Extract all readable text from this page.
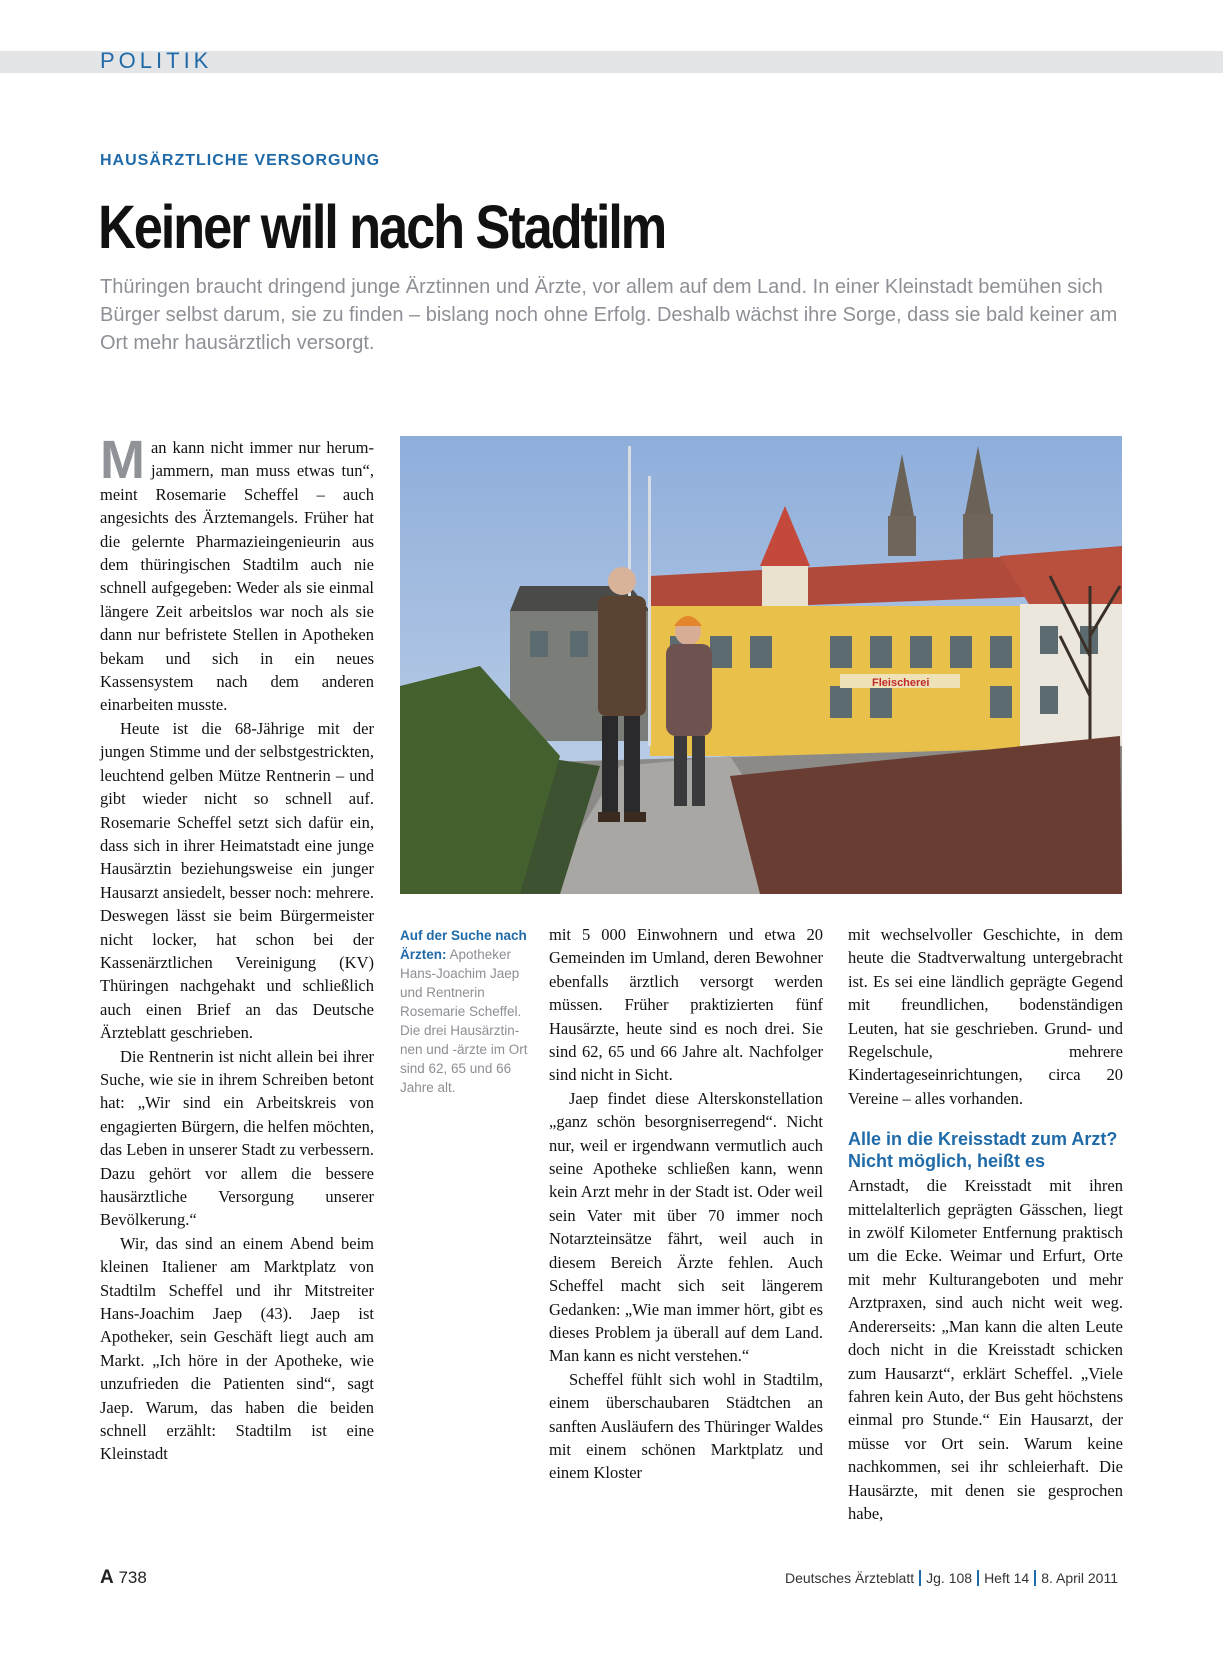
POLITIK
HAUSÄRZTLICHE VERSORGUNG
Keiner will nach Stadtilm

Thüringen braucht dringend junge Ärztinnen und Ärzte, vor allem auf dem Land. In einer Kleinstadt bemühen sich Bürger selbst darum, sie zu finden – bislang noch ohne Erfolg. Deshalb wächst ihre Sorge, dass sie bald keiner am Ort mehr hausärztlich versorgt.

Man kann nicht immer nur herumjammern, man muss etwas tun“, meint Rosemarie Scheffel – auch angesichts des Ärztemangels. Früher hat die gelernte Pharmazieingenieurin aus dem thüringischen Stadtilm auch nie schnell aufgegeben: Weder als sie einmal längere Zeit arbeitslos war noch als sie dann nur befristete Stellen in Apotheken bekam und sich in ein neues Kassensystem nach dem anderen einarbeiten musste.

Heute ist die 68-Jährige mit der jungen Stimme und der selbstgestrickten, leuchtend gelben Mütze Rentnerin – und gibt wieder nicht so schnell auf. Rosemarie Scheffel setzt sich dafür ein, dass sich in ihrer Heimatstadt eine junge Hausärztin beziehungsweise ein junger Hausarzt ansiedelt, besser noch: mehrere. Deswegen lässt sie beim Bürgermeister nicht locker, hat schon bei der Kassenärztlichen Vereinigung (KV) Thüringen nachgehakt und schließlich auch einen Brief an das Deutsche Ärzteblatt geschrieben.

Die Rentnerin ist nicht allein bei ihrer Suche, wie sie in ihrem Schreiben betont hat: „Wir sind ein Arbeitskreis von engagierten Bürgern, die helfen möchten, das Leben in unserer Stadt zu verbessern. Dazu gehört vor allem die bessere hausärztliche Versorgung unserer Bevölkerung.“

Wir, das sind an einem Abend beim kleinen Italiener am Marktplatz von Stadtilm Scheffel und ihr Mitstreiter Hans-Joachim Jaep (43). Jaep ist Apotheker, sein Geschäft liegt auch am Markt. „Ich höre in der Apotheke, wie unzufrieden die Patienten sind“, sagt Jaep. Warum, das haben die beiden schnell erzählt: Stadtilm ist eine Kleinstadt

Fleischerei

Auf der Suche nach Ärzten: Apotheker Hans-Joachim Jaep und Rentnerin Rosemarie Scheffel. Die drei Hausärztinnen und -ärzte im Ort sind 62, 65 und 66 Jahre alt.

mit 5 000 Einwohnern und etwa 20 Gemeinden im Umland, deren Bewohner ebenfalls ärztlich versorgt werden müssen. Früher praktizierten fünf Hausärzte, heute sind es noch drei. Sie sind 62, 65 und 66 Jahre alt. Nachfolger sind nicht in Sicht.

Jaep findet diese Alterskonstellation „ganz schön besorgniserregend“. Nicht nur, weil er irgendwann vermutlich auch seine Apotheke schließen kann, wenn kein Arzt mehr in der Stadt ist. Oder weil sein Vater mit über 70 immer noch Notarzteinsätze fährt, weil auch in diesem Bereich Ärzte fehlen. Auch Scheffel macht sich seit längerem Gedanken: „Wie man immer hört, gibt es dieses Problem ja überall auf dem Land. Man kann es nicht verstehen.“

Scheffel fühlt sich wohl in Stadtilm, einem überschaubaren Städtchen an sanften Ausläufern des Thüringer Waldes mit einem schönen Marktplatz und einem Kloster

mit wechselvoller Geschichte, in dem heute die Stadtverwaltung untergebracht ist. Es sei eine ländlich geprägte Gegend mit freundlichen, bodenständigen Leuten, hat sie geschrieben. Grund- und Regelschule, mehrere Kindertageseinrichtungen, circa 20 Vereine – alles vorhanden.

Alle in die Kreisstadt zum Arzt? Nicht möglich, heißt es

Arnstadt, die Kreisstadt mit ihren mittelalterlich geprägten Gässchen, liegt in zwölf Kilometer Entfernung praktisch um die Ecke. Weimar und Erfurt, Orte mit mehr Kulturangeboten und mehr Arztpraxen, sind auch nicht weit weg. Andererseits: „Man kann die alten Leute doch nicht in die Kreisstadt schicken zum Hausarzt“, erklärt Scheffel. „Viele fahren kein Auto, der Bus geht höchstens einmal pro Stunde.“ Ein Hausarzt, der müsse vor Ort sein. Warum keine nachkommen, sei ihr schleierhaft. Die Hausärzte, mit denen sie gesprochen habe,

A 738	Deutsches Ärzteblatt Jg. 108 Heft 14 8. April 2011
